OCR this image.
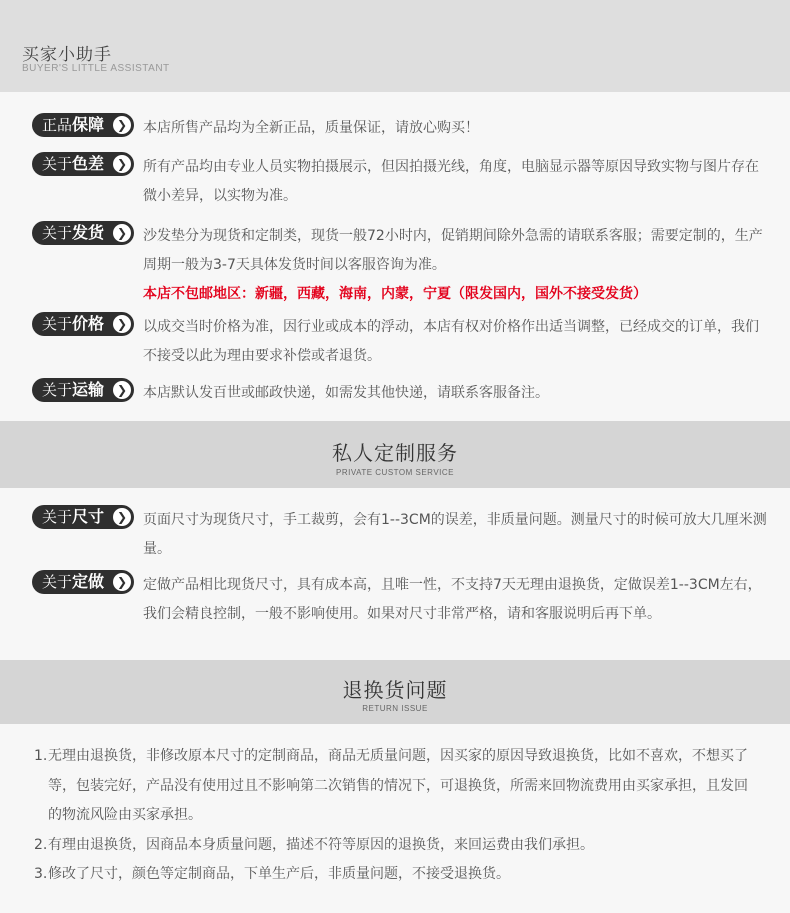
买家小助手
BUYER'S LITTLE ASSISTANT
正品保障	❯ 本店所售产品均为全新正品，质量保证，请放心购买！
关于色差	❯ 所有产品均由专业人员实物拍摄展示，但因拍摄光线，角度，电脑显示器等原因导致实物与图片存在微小差异，以实物为准。
关于发货	❯ 沙发垫分为现货和定制类，现货一般72小时内，促销期间除外急需的请联系客服；需要定制的，生产周期一般为3-7天具体发货时间以客服咨询为准。
本店不包邮地区：新疆，西藏，海南，内蒙，宁夏（限发国内，国外不接受发货）
关于价格	❯ 以成交当时价格为准，因行业或成本的浮动，本店有权对价格作出适当调整，已经成交的订单，我们不接受以此为理由要求补偿或者退货。
关于运输	❯ 本店默认发百世或邮政快递，如需发其他快递，请联系客服备注。
私人定制服务
PRIVATE CUSTOM SERVICE
关于尺寸	❯ 页面尺寸为现货尺寸，手工裁剪，会有1--3CM的误差，非质量问题。测量尺寸的时候可放大几厘米测量。
关于定做	❯ 定做产品相比现货尺寸，具有成本高，且唯一性，不支持7天无理由退换货，定做误差1--3CM左右，我们会精良控制，一般不影响使用。如果对尺寸非常严格，请和客服说明后再下单。
退换货问题
RETURN ISSUE
1. 无理由退换货，非修改原本尺寸的定制商品，商品无质量问题，因买家的原因导致退换货，比如不喜欢，不想买了等，包装完好，产品没有使用过且不影响第二次销售的情况下，可退换货，所需来回物流费用由买家承担，且发回的物流风险由买家承担。
2. 有理由退换货，因商品本身质量问题，描述不符等原因的退换货，来回运费由我们承担。
3. 修改了尺寸，颜色等定制商品，下单生产后，非质量问题，不接受退换货。
